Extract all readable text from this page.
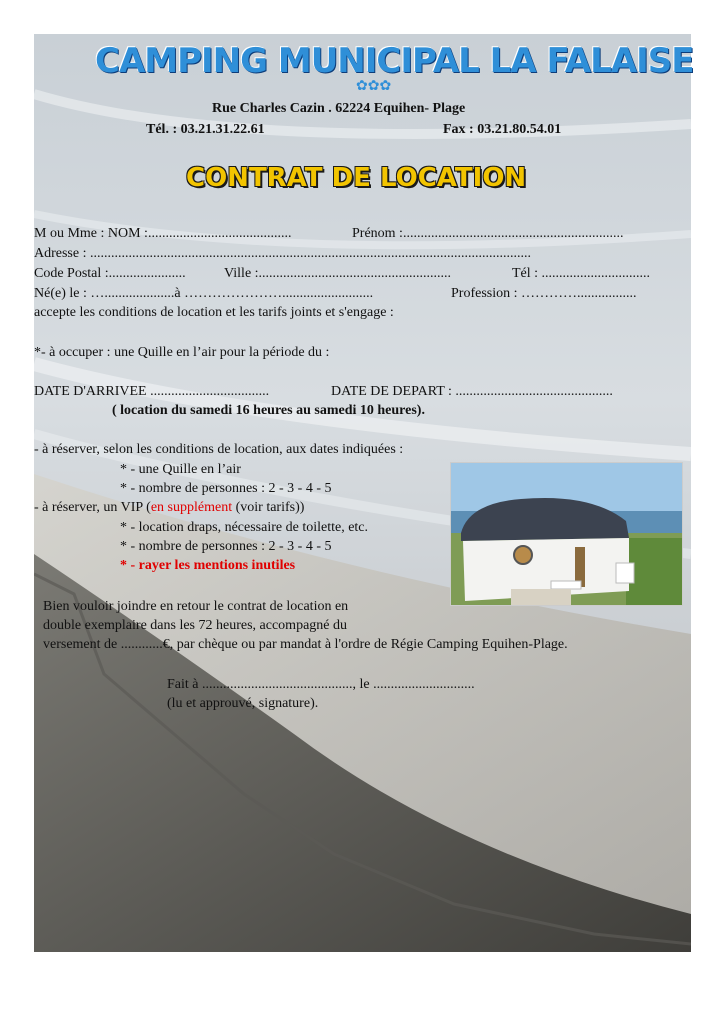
CAMPING MUNICIPAL LA FALAISE
✿✿✿
Rue Charles Cazin . 62224 Equihen- Plage
Tél. : 03.21.31.22.61	Fax : 03.21.80.54.01
CONTRAT DE LOCATION
M ou Mme : NOM :.........................................	Prénom :...............................................................
Adresse : ..............................................................................................................................
Code Postal :......................	Ville :.......................................................	Tél : ...............................
Né(e) le : …....................à …………………..........................	Profession : ………….................
accepte les conditions de location et les tarifs joints et s'engage :
*- à occuper : une Quille en l’air pour la période du :
DATE D'ARRIVEE ..................................	DATE DE DEPART : .............................................
( location du samedi 16 heures au samedi 10 heures).
- à réserver, selon les conditions de location, aux dates indiquées :
* - une Quille en l’air
* - nombre de personnes : 2 - 3 - 4 - 5
- à réserver, un VIP (en supplément (voir tarifs))
* - location draps, nécessaire de toilette, etc.
* - nombre de personnes : 2 - 3 - 4 - 5
* - rayer les mentions inutiles
Bien vouloir joindre en retour le contrat de location en
double exemplaire dans les 72 heures, accompagné du
versement de ............€, par chèque ou par mandat à l'ordre de Régie Camping Equihen-Plage.
Fait à ..........................................., le .............................
(lu et approuvé, signature).
